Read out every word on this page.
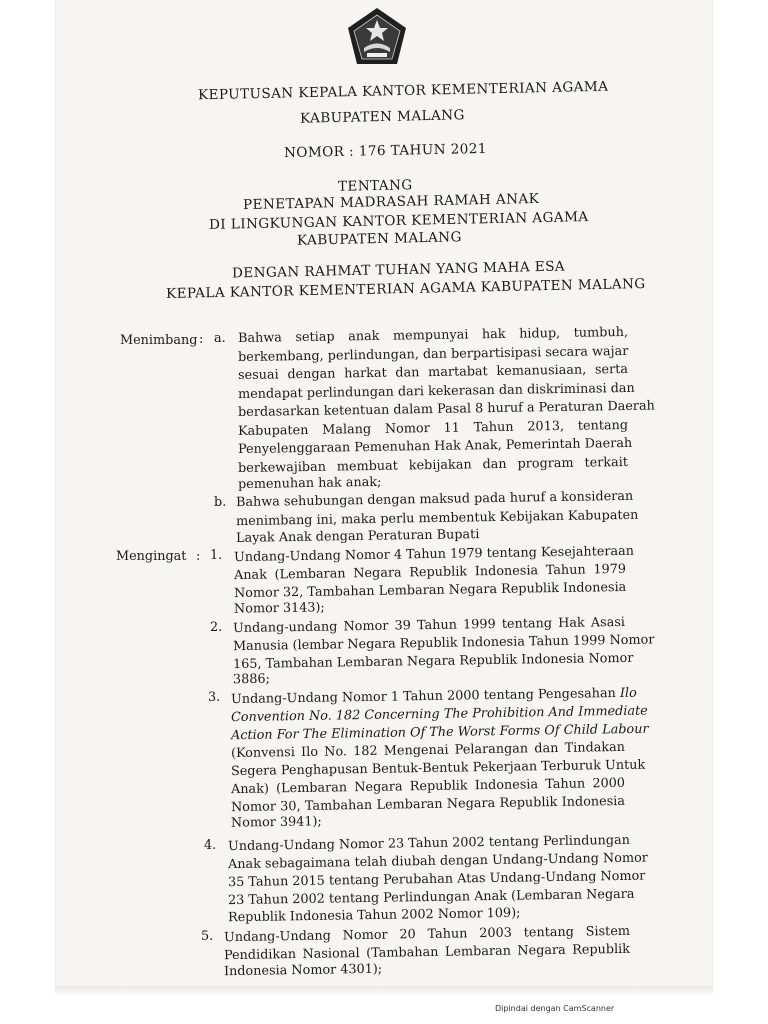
KEPUTUSAN KEPALA KANTOR KEMENTERIAN AGAMA
KABUPATEN MALANG
NOMOR : 176 TAHUN 2021
TENTANG
PENETAPAN MADRASAH RAMAH ANAK
DI LINGKUNGAN KANTOR KEMENTERIAN AGAMA
KABUPATEN MALANG
DENGAN RAHMAT TUHAN YANG MAHA ESA
KEPALA KANTOR KEMENTERIAN AGAMA KABUPATEN MALANG
Menimbang : a. Bahwa setiap anak mempunyai hak hidup, tumbuh,
berkembang, perlindungan, dan berpartisipasi secara wajar
sesuai dengan harkat dan martabat kemanusiaan, serta
mendapat perlindungan dari kekerasan dan diskriminasi dan
berdasarkan ketentuan dalam Pasal 8 huruf a Peraturan Daerah
Kabupaten Malang Nomor 11 Tahun 2013, tentang
Penyelenggaraan Pemenuhan Hak Anak, Pemerintah Daerah
berkewajiban membuat kebijakan dan program terkait
pemenuhan hak anak;
b. Bahwa sehubungan dengan maksud pada huruf a konsideran
menimbang ini, maka perlu membentuk Kebijakan Kabupaten
Layak Anak dengan Peraturan Bupati
Mengingat : 1. Undang-Undang Nomor 4 Tahun 1979 tentang Kesejahteraan
Anak (Lembaran Negara Republik Indonesia Tahun 1979
Nomor 32, Tambahan Lembaran Negara Republik Indonesia
Nomor 3143);
2. Undang-undang Nomor 39 Tahun 1999 tentang Hak Asasi
Manusia (lembar Negara Republik Indonesia Tahun 1999 Nomor
165, Tambahan Lembaran Negara Republik Indonesia Nomor
3886;
3. Undang-Undang Nomor 1 Tahun 2000 tentang Pengesahan Ilo
Convention No. 182 Concerning The Prohibition And Immediate
Action For The Elimination Of The Worst Forms Of Child Labour
(Konvensi Ilo No. 182 Mengenai Pelarangan dan Tindakan
Segera Penghapusan Bentuk-Bentuk Pekerjaan Terburuk Untuk
Anak) (Lembaran Negara Republik Indonesia Tahun 2000
Nomor 30, Tambahan Lembaran Negara Republik Indonesia
Nomor 3941);
4. Undang-Undang Nomor 23 Tahun 2002 tentang Perlindungan
Anak sebagaimana telah diubah dengan Undang-Undang Nomor
35 Tahun 2015 tentang Perubahan Atas Undang-Undang Nomor
23 Tahun 2002 tentang Perlindungan Anak (Lembaran Negara
Republik Indonesia Tahun 2002 Nomor 109);
5. Undang-Undang Nomor 20 Tahun 2003 tentang Sistem
Pendidikan Nasional (Tambahan Lembaran Negara Republik
Indonesia Nomor 4301);
Dipindai dengan CamScanner
